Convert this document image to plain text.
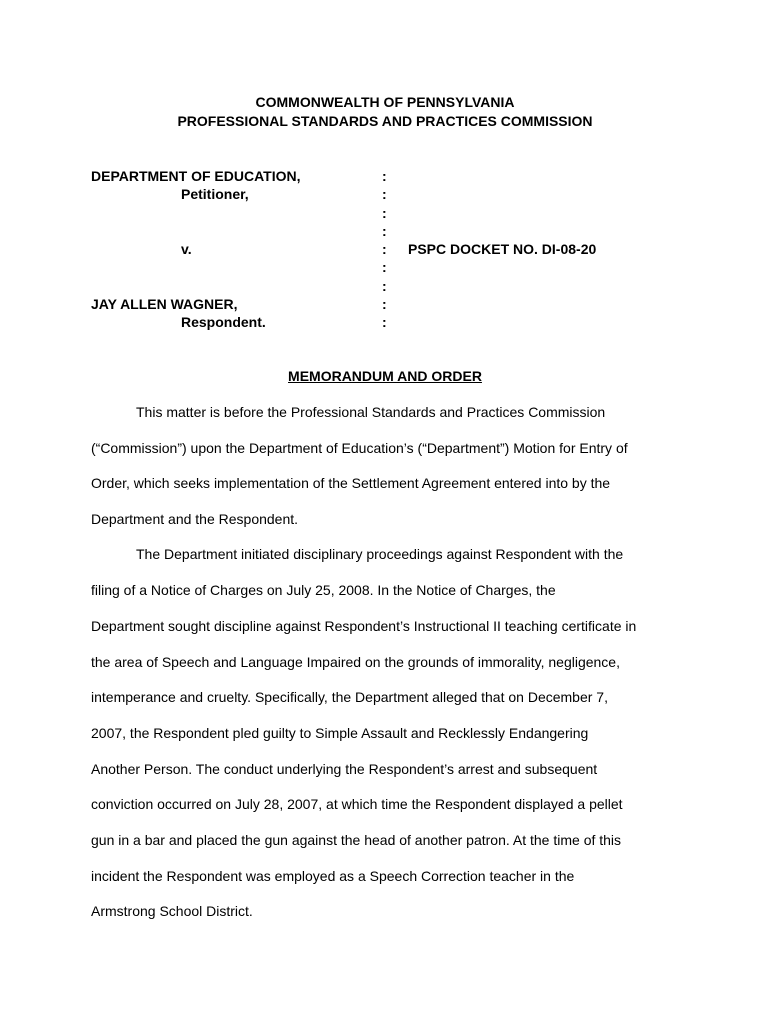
COMMONWEALTH OF PENNSYLVANIA
PROFESSIONAL STANDARDS AND PRACTICES COMMISSION
DEPARTMENT OF EDUCATION,
Petitioner,
v.
JAY ALLEN WAGNER,
Respondent.
:
:
:
:
:
:
:
:
:
PSPC DOCKET NO. DI-08-20
MEMORANDUM AND ORDER
This matter is before the Professional Standards and Practices Commission
(“Commission”) upon the Department of Education’s (“Department”) Motion for Entry of
Order, which seeks implementation of the Settlement Agreement entered into by the
Department and the Respondent.
The Department initiated disciplinary proceedings against Respondent with the
filing of a Notice of Charges on July 25, 2008. In the Notice of Charges, the
Department sought discipline against Respondent’s Instructional II teaching certificate in
the area of Speech and Language Impaired on the grounds of immorality, negligence,
intemperance and cruelty. Specifically, the Department alleged that on December 7,
2007, the Respondent pled guilty to Simple Assault and Recklessly Endangering
Another Person. The conduct underlying the Respondent’s arrest and subsequent
conviction occurred on July 28, 2007, at which time the Respondent displayed a pellet
gun in a bar and placed the gun against the head of another patron. At the time of this
incident the Respondent was employed as a Speech Correction teacher in the
Armstrong School District.
